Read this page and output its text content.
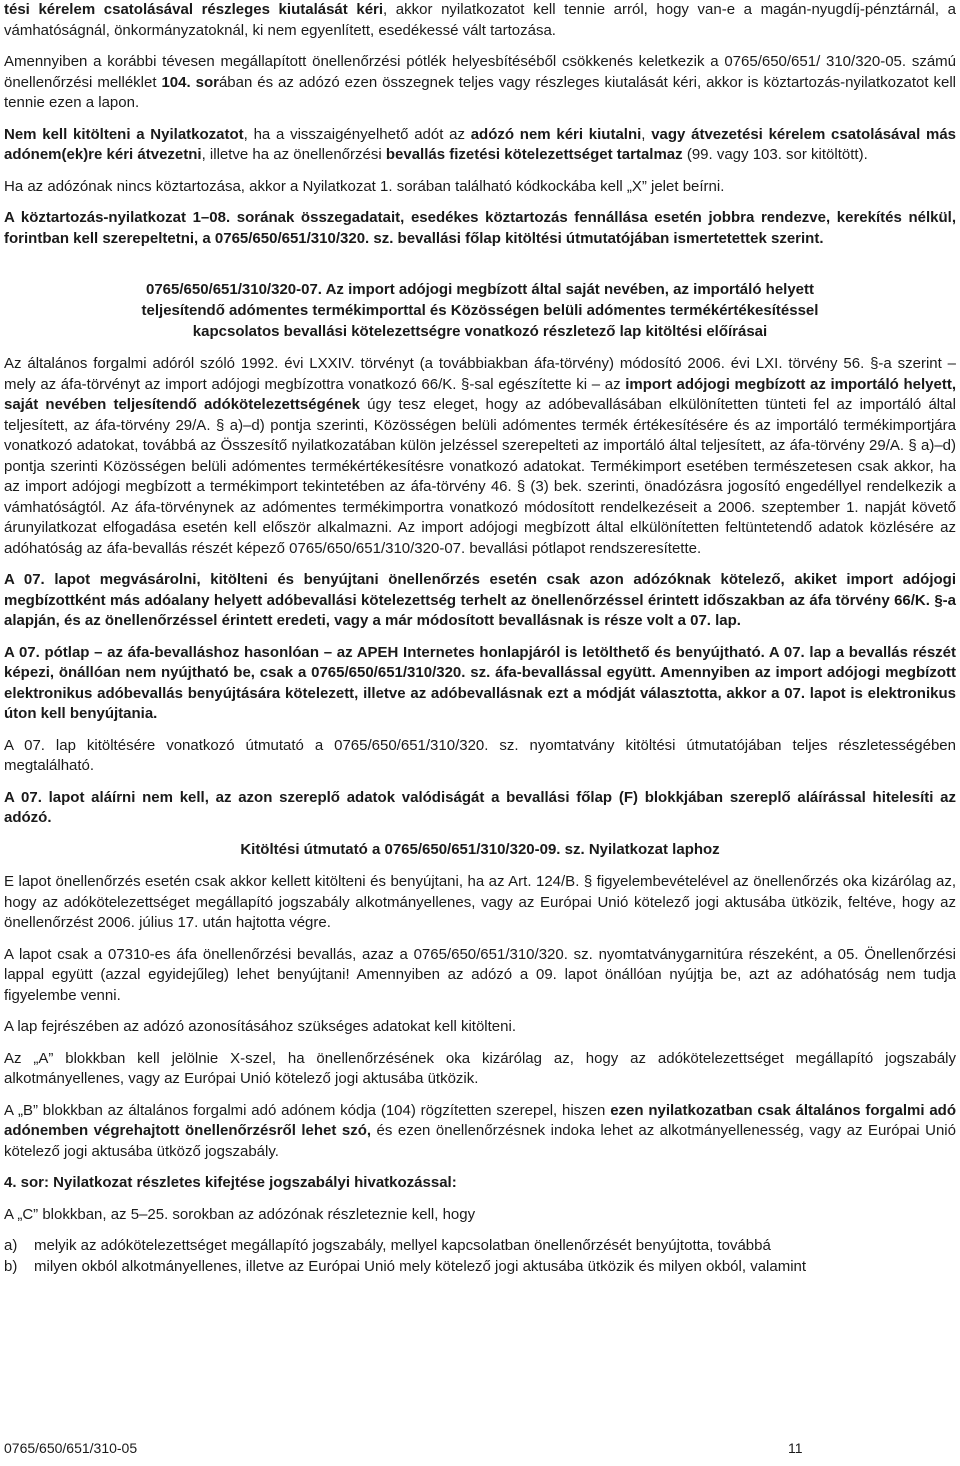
tési kérelem csatolásával részleges kiutalását kéri, akkor nyilatkozatot kell tennie arról, hogy van-e a magán-nyugdíj-pénztárnál, a vámhatóságnál, önkormányzatoknál, ki nem egyenlített, esedékessé vált tartozása.

Amennyiben a korábbi tévesen megállapított önellenőrzési pótlék helyesbítéséből csökkenés keletkezik a 0765/650/651/ 310/320-05. számú önellenőrzési melléklet 104. sorában és az adózó ezen összegnek teljes vagy részleges kiutalását kéri, akkor is köztartozás-nyilatkozatot kell tennie ezen a lapon.

Nem kell kitölteni a Nyilatkozatot, ha a visszaigényelhető adót az adózó nem kéri kiutalni, vagy átvezetési kérelem csatolásával más adónem(ek)re kéri átvezetni, illetve ha az önellenőrzési bevallás fizetési kötelezettséget tartalmaz (99. vagy 103. sor kitöltött).

Ha az adózónak nincs köztartozása, akkor a Nyilatkozat 1. sorában található kódkockába kell „X” jelet beírni.

A köztartozás-nyilatkozat 1–08. sorának összegadatait, esedékes köztartozás fennállása esetén jobbra rendezve, kerekítés nélkül, forintban kell szerepeltetni, a 0765/650/651/310/320. sz. bevallási főlap kitöltési útmutatójában ismertetettek szerint.

0765/650/651/310/320-07. Az import adójogi megbízott által saját nevében, az importáló helyett
teljesítendő adómentes termékimporttal és Közösségen belüli adómentes termékértékesítéssel
kapcsolatos bevallási kötelezettségre vonatkozó részletező lap kitöltési előírásai

Az általános forgalmi adóról szóló 1992. évi LXXIV. törvényt (a továbbiakban áfa-törvény) módosító 2006. évi LXI. törvény 56. §-a szerint – mely az áfa-törvényt az import adójogi megbízottra vonatkozó 66/K. §-sal egészítette ki – az import adójogi megbízott az importáló helyett, saját nevében teljesítendő adókötelezettségének úgy tesz eleget, hogy az adóbevallásában elkülönítetten tünteti fel az importáló által teljesített, az áfa-törvény 29/A. § a)–d) pontja szerinti, Közösségen belüli adómentes termék értékesítésére és az importáló termékimportjára vonatkozó adatokat, továbbá az Összesítő nyilatkozatában külön jelzéssel szerepelteti az importáló által teljesített, az áfa-törvény 29/A. § a)–d) pontja szerinti Közösségen belüli adómentes termékértékesítésre vonatkozó adatokat. Termékimport esetében természetesen csak akkor, ha az import adójogi megbízott a termékimport tekintetében az áfa-törvény 46. § (3) bek. szerinti, önadózásra jogosító engedéllyel rendelkezik a vámhatóságtól. Az áfa-törvénynek az adómentes termékimportra vonatkozó módosított rendelkezéseit a 2006. szeptember 1. napját követő árunyilatkozat elfogadása esetén kell először alkalmazni. Az import adójogi megbízott által elkülönítetten feltüntetendő adatok közlésére az adóhatóság az áfa-bevallás részét képező 0765/650/651/310/320-07. bevallási pótlapot rendszeresítette.

A 07. lapot megvásárolni, kitölteni és benyújtani önellenőrzés esetén csak azon adózóknak kötelező, akiket import adójogi megbízottként más adóalany helyett adóbevallási kötelezettség terhelt az önellenőrzéssel érintett időszakban az áfa törvény 66/K. §-a alapján, és az önellenőrzéssel érintett eredeti, vagy a már módosított bevallásnak is része volt a 07. lap.

A 07. pótlap – az áfa-bevalláshoz hasonlóan – az APEH Internetes honlapjáról is letölthető és benyújtható. A 07. lap a bevallás részét képezi, önállóan nem nyújtható be, csak a 0765/650/651/310/320. sz. áfa-bevallással együtt. Amennyiben az import adójogi megbízott elektronikus adóbevallás benyújtására kötelezett, illetve az adóbevallásnak ezt a módját választotta, akkor a 07. lapot is elektronikus úton kell benyújtania.

A 07. lap kitöltésére vonatkozó útmutató a 0765/650/651/310/320. sz. nyomtatvány kitöltési útmutatójában teljes részletességében megtalálható.

A 07. lapot aláírni nem kell, az azon szereplő adatok valódiságát a bevallási főlap (F) blokkjában szereplő aláírással hitelesíti az adózó.

Kitöltési útmutató a 0765/650/651/310/320-09. sz. Nyilatkozat laphoz

E lapot önellenőrzés esetén csak akkor kellett kitölteni és benyújtani, ha az Art. 124/B. § figyelembevételével az önellenőrzés oka kizárólag az, hogy az adókötelezettséget megállapító jogszabály alkotmányellenes, vagy az Európai Unió kötelező jogi aktusába ütközik, feltéve, hogy az önellenőrzést 2006. július 17. után hajtotta végre.

A lapot csak a 07310-es áfa önellenőrzési bevallás, azaz a 0765/650/651/310/320. sz. nyomtatványgarnitúra részeként, a 05. Önellenőrzési lappal együtt (azzal egyidejűleg) lehet benyújtani! Amennyiben az adózó a 09. lapot önállóan nyújtja be, azt az adóhatóság nem tudja figyelembe venni.

A lap fejrészében az adózó azonosításához szükséges adatokat kell kitölteni.

Az „A” blokkban kell jelölnie X-szel, ha önellenőrzésének oka kizárólag az, hogy az adókötelezettséget megállapító jogszabály alkotmányellenes, vagy az Európai Unió kötelező jogi aktusába ütközik.

A „B” blokkban az általános forgalmi adó adónem kódja (104) rögzítetten szerepel, hiszen ezen nyilatkozatban csak általános forgalmi adó adónemben végrehajtott önellenőrzésről lehet szó, és ezen önellenőrzésnek indoka lehet az alkotmányellenesség, vagy az Európai Unió kötelező jogi aktusába ütköző jogszabály.

4. sor: Nyilatkozat részletes kifejtése jogszabályi hivatkozással:

A „C” blokkban, az 5–25. sorokban az adózónak részleteznie kell, hogy

a)	melyik az adókötelezettséget megállapító jogszabály, mellyel kapcsolatban önellenőrzését benyújtotta, továbbá
b)	milyen okból alkotmányellenes, illetve az Európai Unió mely kötelező jogi aktusába ütközik és milyen okból, valamint
0765/650/651/310-05	11
